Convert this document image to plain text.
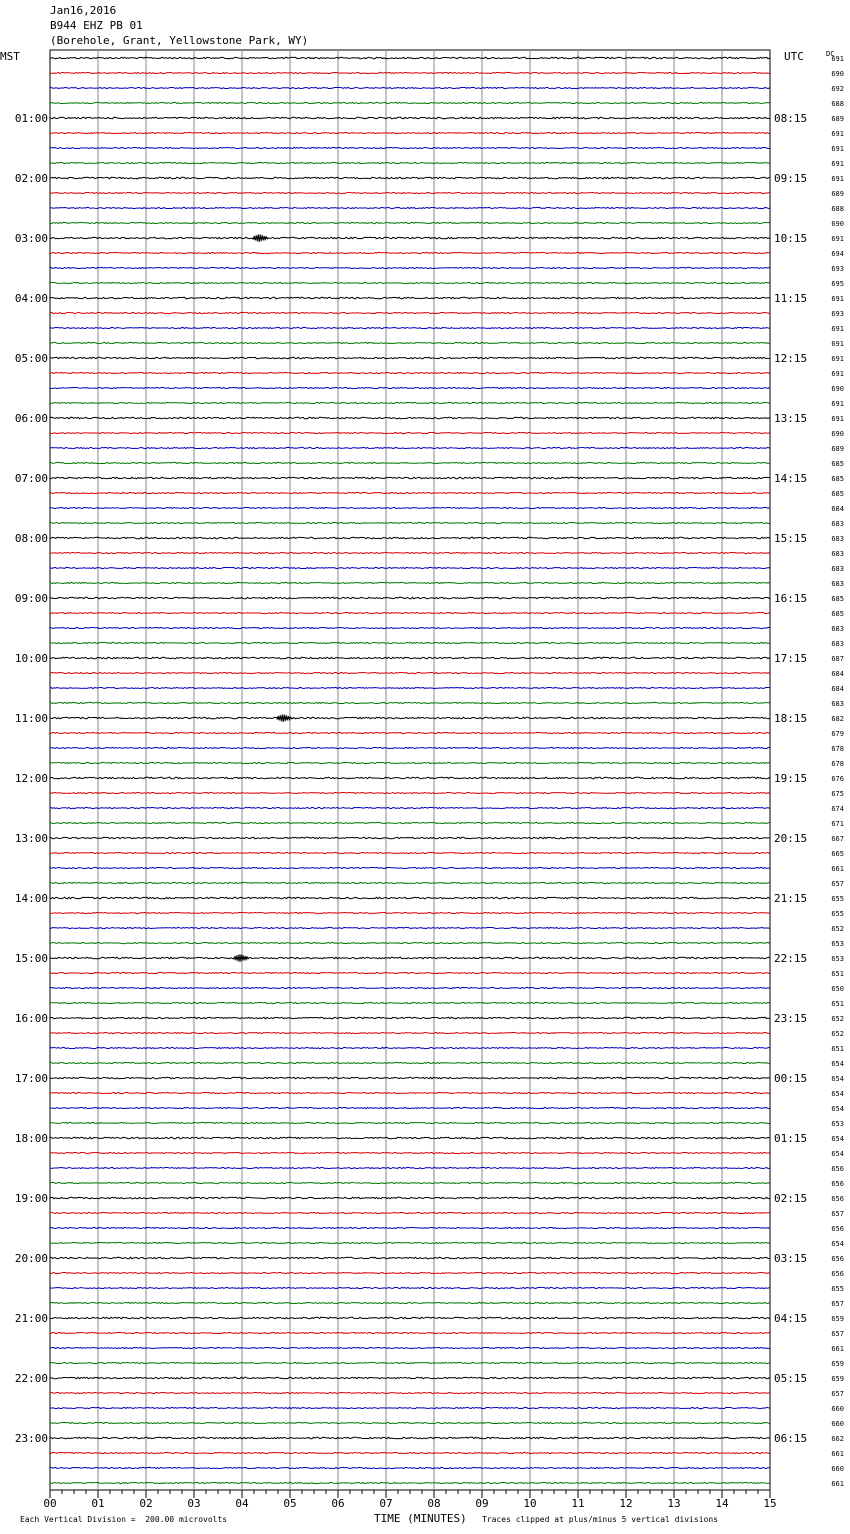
Jan16,2016
B944 EHZ PB 01
(Borehole, Grant, Yellowstone Park, WY)
691
690
692
688
689
691
691
691
691
689
688
690
691
694
693
695
691
693
691
691
691
691
690
691
691
690
689
685
685
685
684
683
683
683
683
683
685
685
683
683
687
684
684
683
682
679
678
678
676
675
674
671
667
665
661
657
655
655
652
653
653
651
650
651
652
652
651
654
654
654
654
653
654
654
656
656
656
657
656
654
656
656
655
657
659
657
661
659
659
657
660
660
662
661
660
661
01:00
02:00
03:00
04:00
05:00
06:00
07:00
08:00
09:00
10:00
11:00
12:00
13:00
14:00
15:00
16:00
17:00
18:00
19:00
20:00
21:00
22:00
23:00
08:15
09:15
10:15
11:15
12:15
13:15
14:15
15:15
16:15
17:15
18:15
19:15
20:15
21:15
22:15
23:15
00:15
01:15
02:15
03:15
04:15
05:15
06:15
MST	UTC	DC
00	01	02	03	04	05	06	07	08	09	10	11	12	13	14	15
Each Vertical Division =  200.00 microvolts	TIME (MINUTES) Traces clipped at plus/minus 5 vertical divisions
